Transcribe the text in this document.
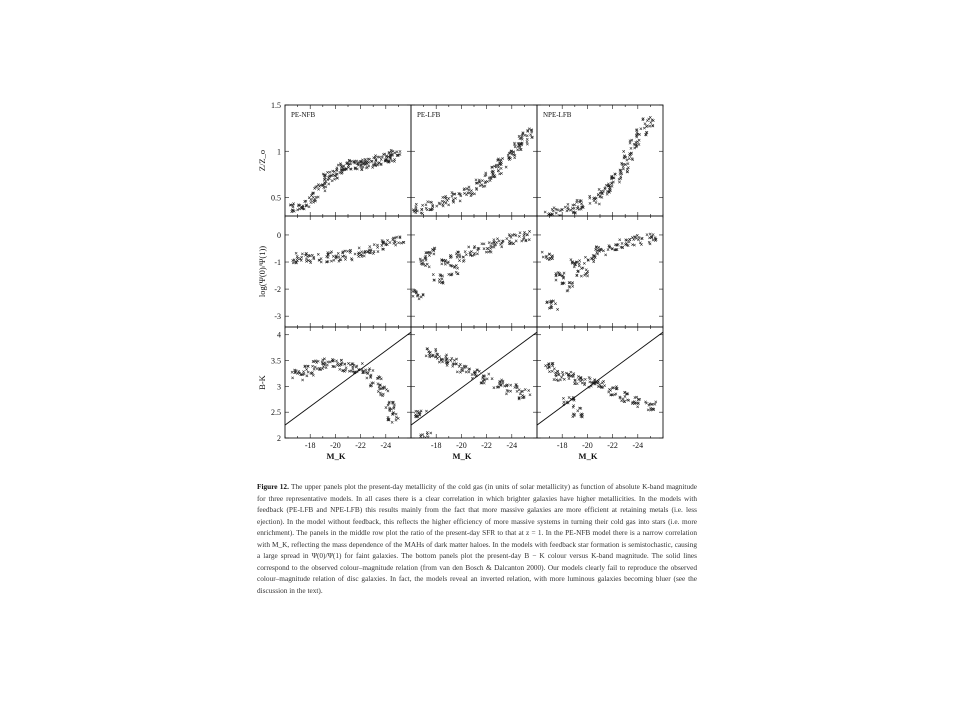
1.5
1
0.5
Z/Z_o
PE-NFB	PE-LFB	NPE-LFB
0
-1
-2
-3
log(Ψ(0)/Ψ(1))
4
3.5
3
2.5
2
B-K
-18 -20 -22 -24
M_K
-18 -20 -22 -24
M_K
-18 -20 -22 -24
M_K
Figure 12. The upper panels plot the present-day metallicity of the cold gas (in units of solar metallicity) as function of absolute K-band magnitude for three representative models. In all cases there is a clear correlation in which brighter galaxies have higher metallicities. In the models with feedback (PE-LFB and NPE-LFB) this results mainly from the fact that more massive galaxies are more efficient at retaining metals (i.e. less ejection). In the model without feedback, this reflects the higher efficiency of more massive systems in turning their cold gas into stars (i.e. more enrichment). The panels in the middle row plot the ratio of the present-day SFR to that at z = 1. In the PE-NFB model there is a narrow correlation with M_K, reflecting the mass dependence of the MAHs of dark matter haloes. In the models with feedback star formation is semistochastic, causing a large spread in Ψ(0)/Ψ(1) for faint galaxies. The bottom panels plot the present-day B − K colour versus K-band magnitude. The solid lines correspond to the observed colour–magnitude relation (from van den Bosch & Dalcanton 2000). Our models clearly fail to reproduce the observed colour–magnitude relation of disc galaxies. In fact, the models reveal an inverted relation, with more luminous galaxies becoming bluer (see the discussion in the text).
